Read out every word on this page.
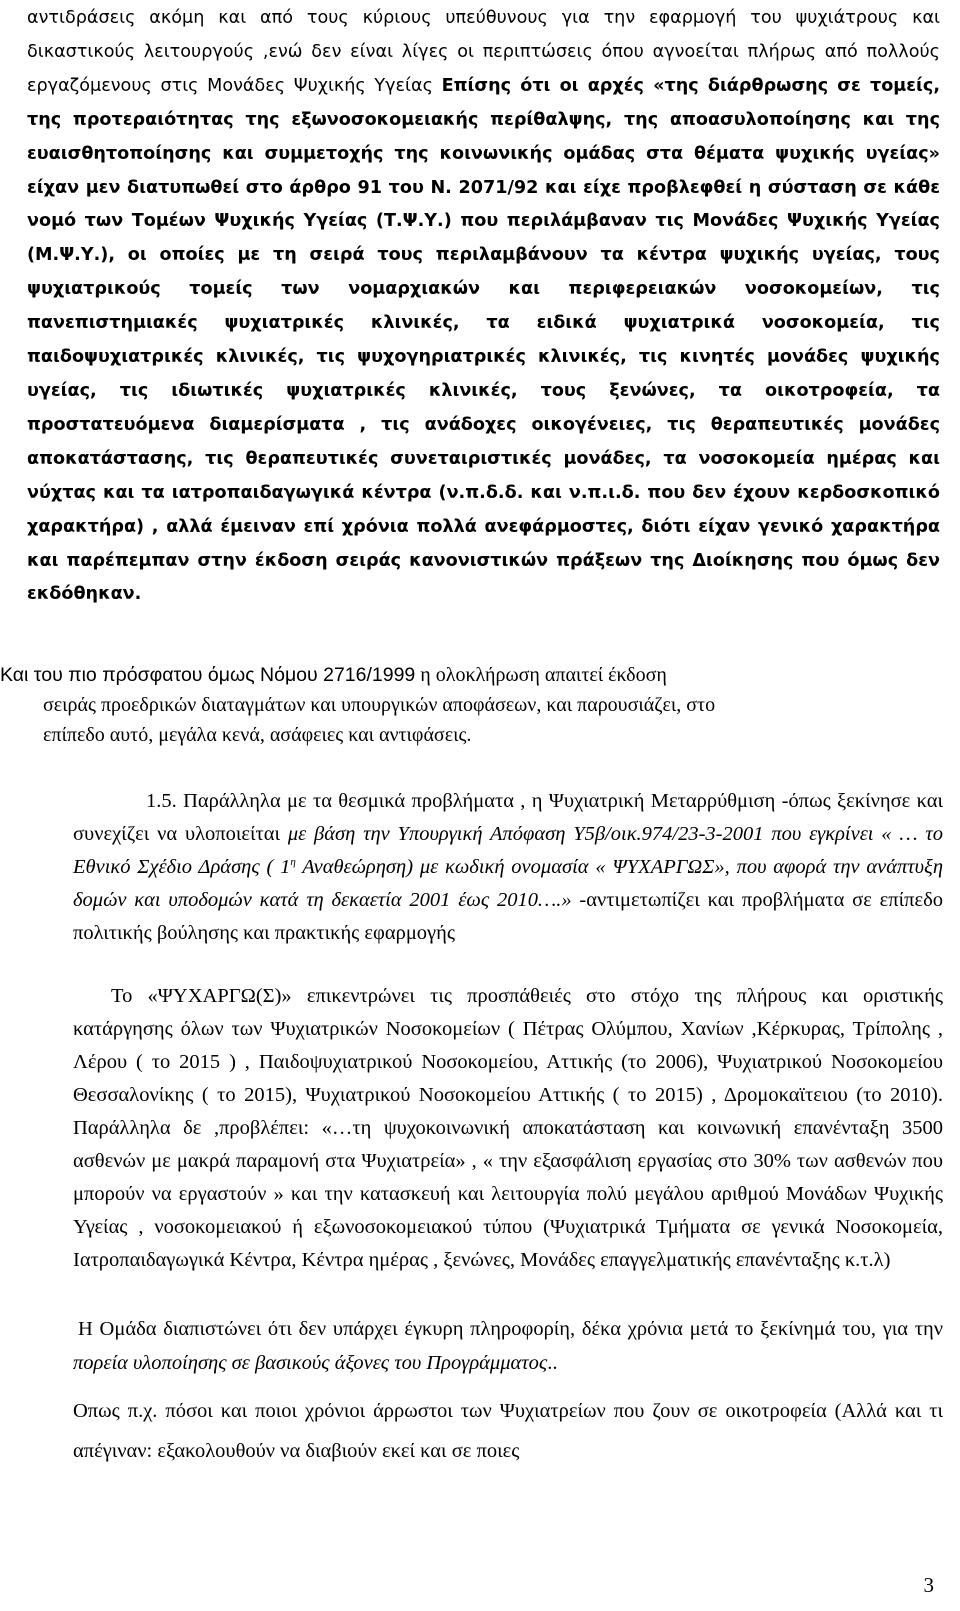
αντιδράσεις ακόμη και από τους κύριους υπεύθυνους για την εφαρμογή του ψυχιάτρους και δικαστικούς λειτουργούς ,ενώ δεν είναι λίγες οι περιπτώσεις όπου αγνοείται πλήρως από πολλούς εργαζόμενους στις Μονάδες Ψυχικής Υγείας Επίσης ότι οι αρχές «της διάρθρωσης σε τομείς, της προτεραιότητας της εξωνοσοκομειακής περίθαλψης, της αποασυλοποίησης και της ευαισθητοποίησης και συμμετοχής της κοινωνικής ομάδας στα θέματα ψυχικής υγείας» είχαν μεν διατυπωθεί στο άρθρο 91 του Ν. 2071/92 και είχε προβλεφθεί η σύσταση σε κάθε νομό των Τομέων Ψυχικής Υγείας (Τ.Ψ.Υ.) που περιλάμβαναν τις Μονάδες Ψυχικής Υγείας (Μ.Ψ.Υ.), οι οποίες με τη σειρά τους περιλαμβάνουν τα κέντρα ψυχικής υγείας, τους ψυχιατρικούς τομείς των νομαρχιακών και περιφερειακών νοσοκομείων, τις πανεπιστημιακές ψυχιατρικές κλινικές, τα ειδικά ψυχιατρικά νοσοκομεία, τις παιδοψυχιατρικές κλινικές, τις ψυχογηριατρικές κλινικές, τις κινητές μονάδες ψυχικής υγείας, τις ιδιωτικές ψυχιατρικές κλινικές, τους ξενώνες, τα οικοτροφεία, τα προστατευόμενα διαμερίσματα , τις ανάδοχες οικογένειες, τις θεραπευτικές μονάδες αποκατάστασης, τις θεραπευτικές συνεταιριστικές μονάδες, τα νοσοκομεία ημέρας και νύχτας και τα ιατροπαιδαγωγικά κέντρα (ν.π.δ.δ. και ν.π.ι.δ. που δεν έχουν κερδοσκοπικό χαρακτήρα) , αλλά έμειναν επί χρόνια πολλά ανεφάρμοστες, διότι είχαν γενικό χαρακτήρα και παρέπεμπαν στην έκδοση σειράς κανονιστικών πράξεων της Διοίκησης που όμως δεν εκδόθηκαν.
Και του πιο πρόσφατου όμως Νόμου 2716/1999 η ολοκλήρωση απαιτεί έκδοση
σειράς προεδρικών διαταγμάτων και υπουργικών αποφάσεων, και παρουσιάζει, στο
επίπεδο αυτό, μεγάλα κενά, ασάφειες και αντιφάσεις.
1.5. Παράλληλα με τα θεσμικά προβλήματα , η Ψυχιατρική Μεταρρύθμιση -όπως ξεκίνησε και συνεχίζει να υλοποιείται με βάση την Υπουργική Απόφαση Υ5β/οικ.974/23-3-2001 που εγκρίνει « … το Εθνικό Σχέδιο Δράσης ( $1^\eta$ Αναθεώρηση) με κωδική ονομασία « ΨΥΧΑΡΓΩΣ», που αφορά την ανάπτυξη δομών και υποδομών κατά τη δεκαετία 2001 έως 2010….» -αντιμετωπίζει και προβλήματα σε επίπεδο πολιτικής βούλησης και πρακτικής εφαρμογής
Το «ΨΥΧΑΡΓΩ(Σ)» επικεντρώνει τις προσπάθειές στο στόχο της πλήρους και οριστικής κατάργησης όλων των Ψυχιατρικών Νοσοκομείων ( Πέτρας Ολύμπου, Χανίων ,Κέρκυρας, Τρίπολης , Λέρου ( το 2015 ) , Παιδοψυχιατρικού Νοσοκομείου, Αττικής (το 2006), Ψυχιατρικού Νοσοκομείου Θεσσαλονίκης ( το 2015), Ψυχιατρικού Νοσοκομείου Αττικής ( το 2015) , Δρομοκαϊτειου (το 2010). Παράλληλα δε ,προβλέπει: «…τη ψυχοκοινωνική αποκατάσταση και κοινωνική επανένταξη 3500 ασθενών με μακρά παραμονή στα Ψυχιατρεία» , « την εξασφάλιση εργασίας στο 30% των ασθενών που μπορούν να εργαστούν » και την κατασκευή και λειτουργία πολύ μεγάλου αριθμού Μονάδων Ψυχικής Υγείας , νοσοκομειακού ή εξωνοσοκομειακού τύπου (Ψυχιατρικά Τμήματα σε γενικά Νοσοκομεία, Ιατροπαιδαγωγικά Κέντρα, Κέντρα ημέρας , ξενώνες, Μονάδες επαγγελματικής επανένταξης κ.τ.λ)
Η Ομάδα διαπιστώνει ότι δεν υπάρχει έγκυρη πληροφορίη, δέκα χρόνια μετά το ξεκίνημά του, για την πορεία υλοποίησης σε βασικούς άξονες του Προγράμματος..
Οπως π.χ. πόσοι και ποιοι χρόνιοι άρρωστοι των Ψυχιατρείων που ζουν σε οικοτροφεία (Αλλά και τι απέγιναν: εξακολουθούν να διαβιούν εκεί και σε ποιες
3
